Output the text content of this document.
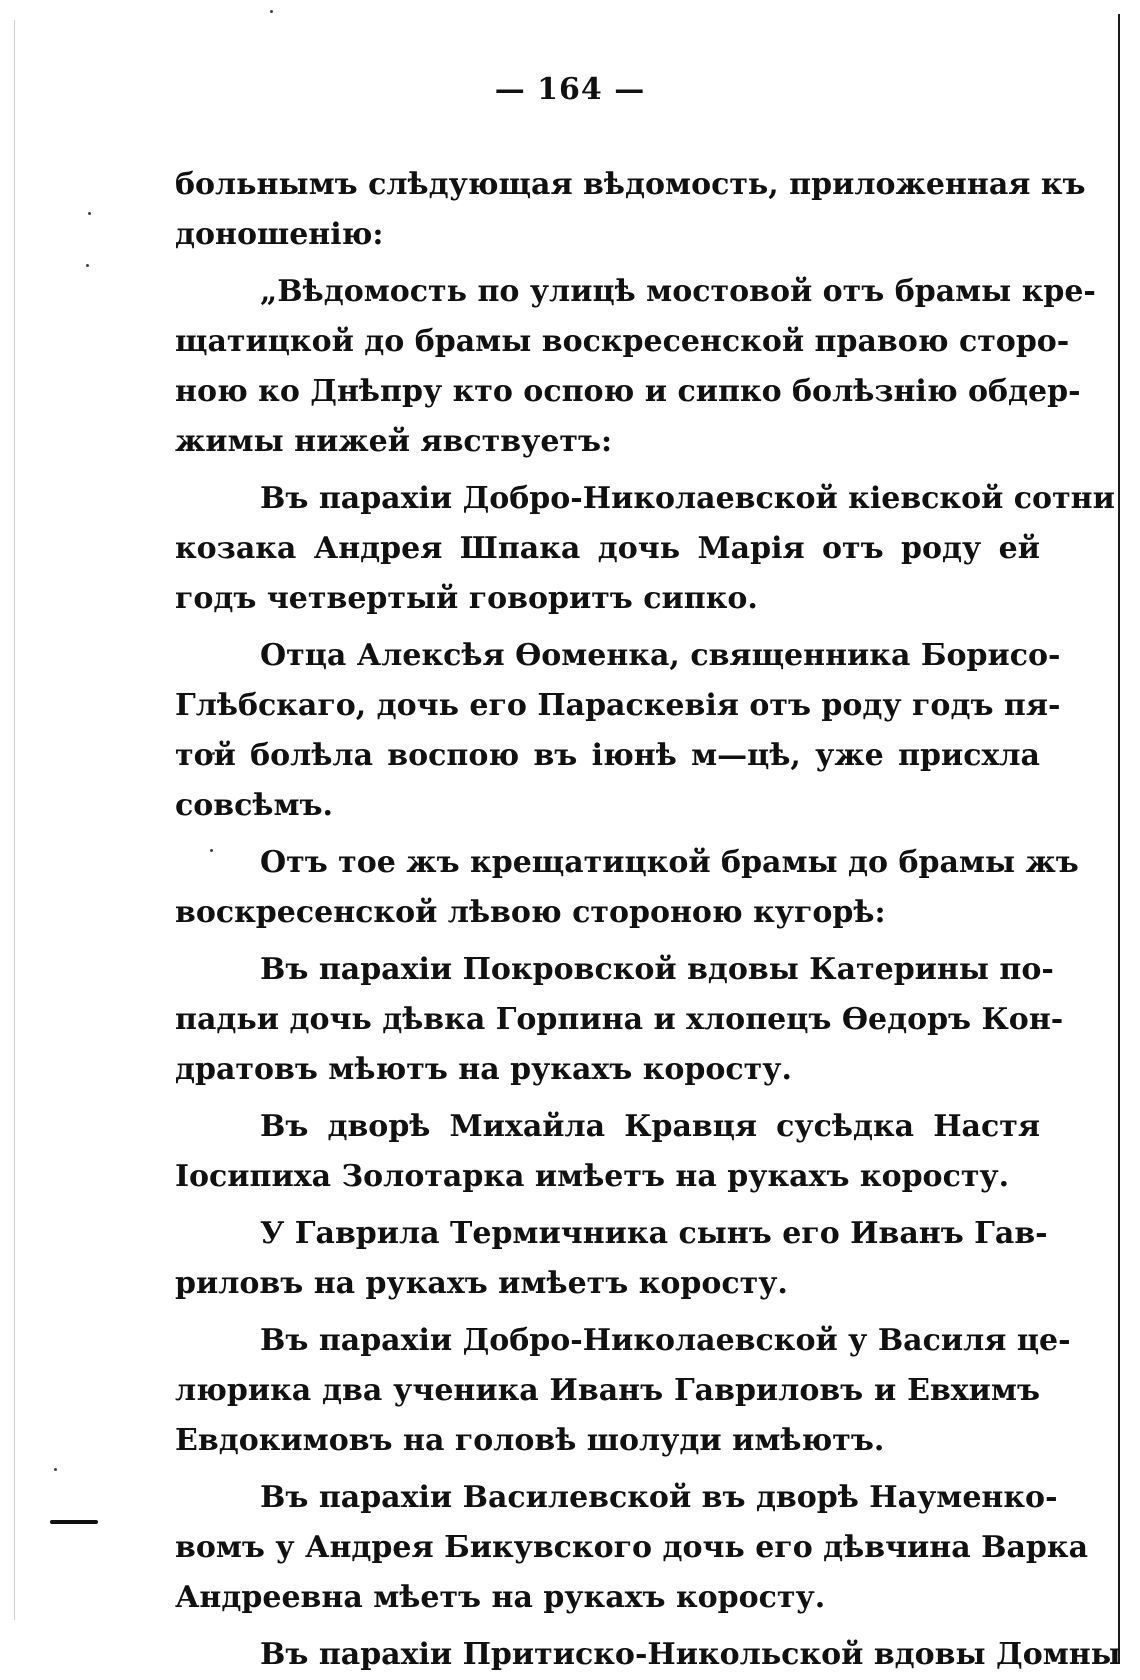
— 164 —
больнымъ слѣдующая вѣдомость, приложенная къ
доношенію:
„Вѣдомость по улицѣ мостовой отъ брамы кре-
щатицкой до брамы воскресенской правою сторо-
ною ко Днѣпру кто оспою и сипко болѣзнію обдер-
жимы нижей явствуетъ:
Въ парахіи Добро-Николаевской кіевской сотни
козака Андрея Шпака дочь Марія отъ роду ей
годъ четвертый говоритъ сипко.
Отца Алексѣя Өоменка, священника Борисо-
Глѣбскаго, дочь его Параскевія отъ роду годъ пя-
той болѣла воспою въ іюнѣ м—цѣ, уже присхла
совсѣмъ.
Отъ тое жъ крещатицкой брамы до брамы жъ
воскресенской лѣвою стороною кугорѣ:
Въ парахіи Покровской вдовы Катерины по-
падьи дочь дѣвка Горпина и хлопецъ Өедоръ Кон-
дратовъ мѣютъ на рукахъ коросту.
Въ дворѣ Михайла Кравця сусѣдка Настя
Іосипиха Золотарка имѣетъ на рукахъ коросту.
У Гаврила Термичника сынъ его Иванъ Гав-
риловъ на рукахъ имѣетъ коросту.
Въ парахіи Добро-Николаевской у Василя це-
люрика два ученика Иванъ Гавриловъ и Евхимъ
Евдокимовъ на головѣ шолуди имѣютъ.
Въ парахіи Василевской въ дворѣ Науменко-
вомъ у Андрея Бикувского дочь его дѣвчина Варка
Андреевна мѣетъ на рукахъ коросту.
Въ парахіи Притиско-Никольской вдовы Домны
